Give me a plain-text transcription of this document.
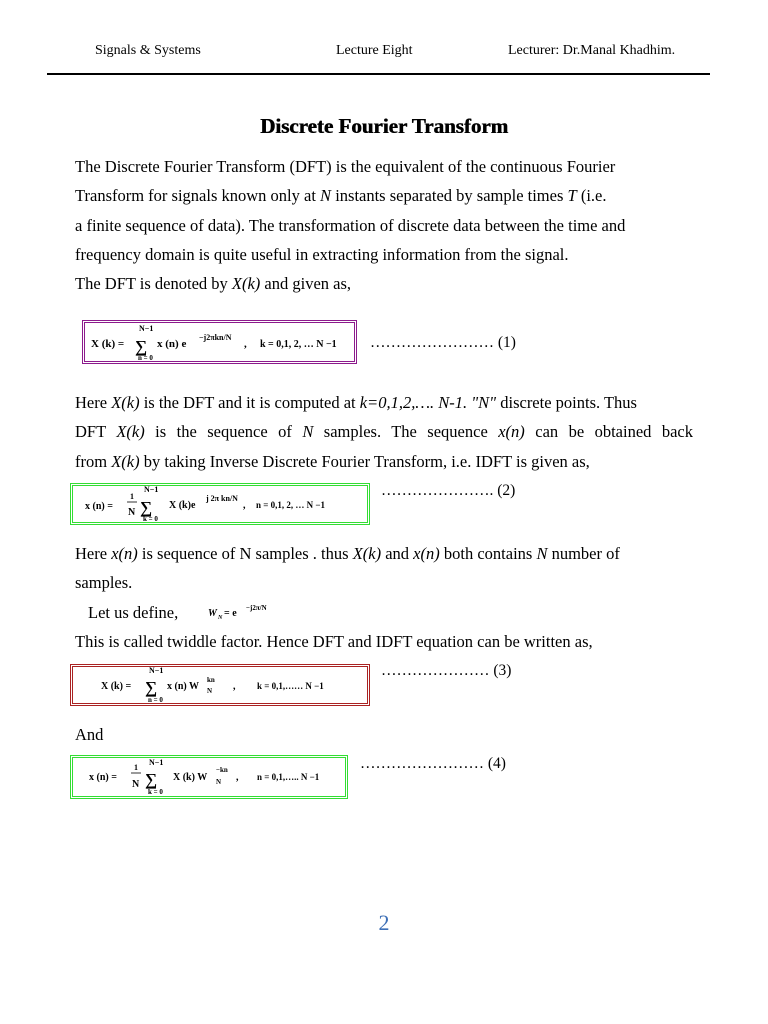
Signals & Systems	Lecture Eight	Lecturer: Dr.Manal Khadhim.
Discrete Fourier Transform
The Discrete Fourier Transform (DFT) is the equivalent of the continuous Fourier
Transform for signals known only at N instants separated by sample times T (i.e.
a finite sequence of data). The transformation of discrete data between the time and
frequency domain is quite useful in extracting information from the signal.
The DFT is denoted by X(k) and given as,
X (k) =
N−1
∑
n = 0
x (n) e
−j2πkn/N
, k = 0,1, 2, … N −1 …………………… (1)
Here X(k) is the DFT and it is computed at k=0,1,2,…. N-1. "N" discrete points. Thus
DFT X(k) is the sequence of N samples. The sequence x(n) can be obtained back
from X(k) by taking Inverse Discrete Fourier Transform, i.e. IDFT is given as,
x (n) =
1
N
N−1
∑
k = 0
X (k)e
j 2π kn/N
, n = 0,1, 2, … N −1
…………………. (2)
Here x(n) is sequence of N samples . thus X(k) and x(n) both contains N number of
samples.
Let us define,	W N = e −j2π/N
This is called twiddle factor. Hence DFT and IDFT equation can be written as,
X (k) =
N−1
∑
n = 0
x (n) W N
kn
, k = 0,1,…… N −1
………………… (3)
And
x (n) =
1
N
N−1
∑
k = 0
X (k) W N
−kn
, n = 0,1,….. N −1
…………………… (4)
2
